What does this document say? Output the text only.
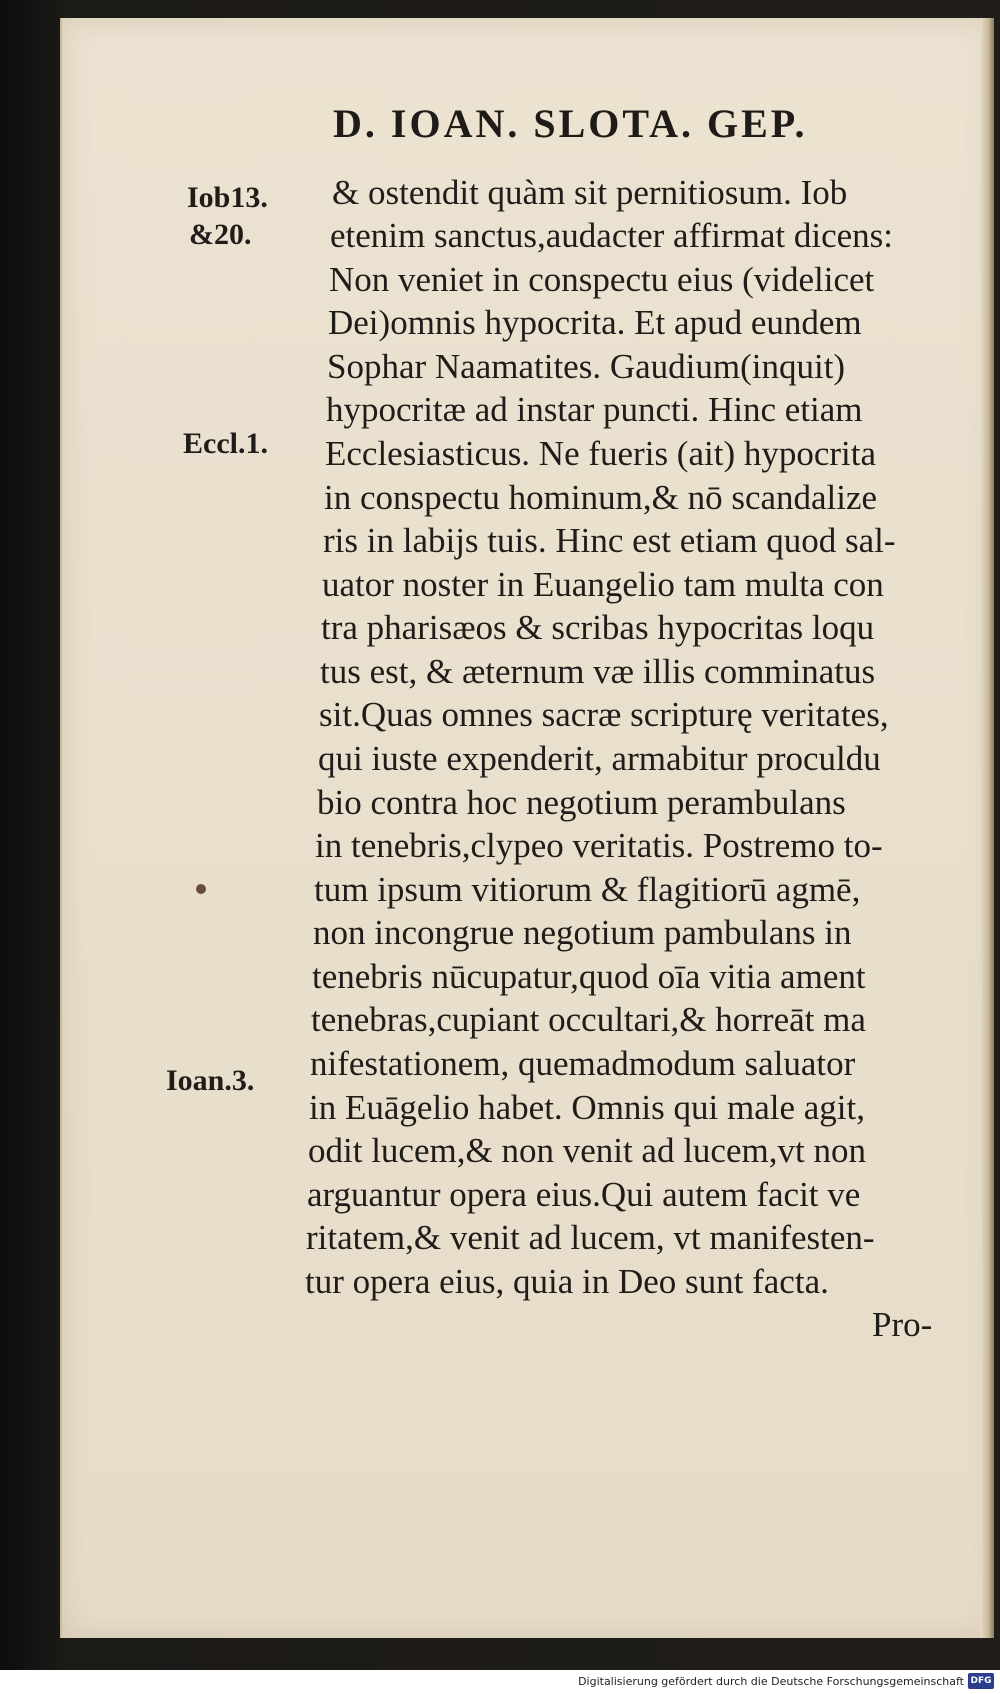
D. IOAN. SLOTA. GEP.
Iob13.
&20.
Eccl.1.
Ioan.3.
& ostendit quàm sit pernitiosum. Iob
etenim sanctus,audacter affirmat dicens:
Non veniet in conspectu eius (videlicet
Dei)omnis hypocrita. Et apud eundem
Sophar Naamatites. Gaudium(inquit)
hypocritæ ad instar puncti. Hinc etiam
Ecclesiasticus. Ne fueris (ait) hypocrita
in conspectu hominum,& nō scandalize
ris in labijs tuis. Hinc est etiam quod sal-
uator noster in Euangelio tam multa con
tra pharisæos & scribas hypocritas loqu
tus est, & æternum væ illis comminatus
sit.Quas omnes sacræ scripturę veritates,
qui iuste expenderit, armabitur proculdu
bio contra hoc negotium perambulans
in tenebris,clypeo veritatis. Postremo to-
tum ipsum vitiorum & flagitiorū agmē,
non incongrue negotium pambulans in
tenebris nūcupatur,quod oīa vitia ament
tenebras,cupiant occultari,& horreāt ma
nifestationem, quemadmodum saluator
in Euāgelio habet. Omnis qui male agit,
odit lucem,& non venit ad lucem,vt non
arguantur opera eius.Qui autem facit ve
ritatem,& venit ad lucem, vt manifesten-
tur opera eius, quia in Deo sunt facta.
Pro-
Digitalisierung gefördert durch die Deutsche Forschungsgemeinschaft DFG
